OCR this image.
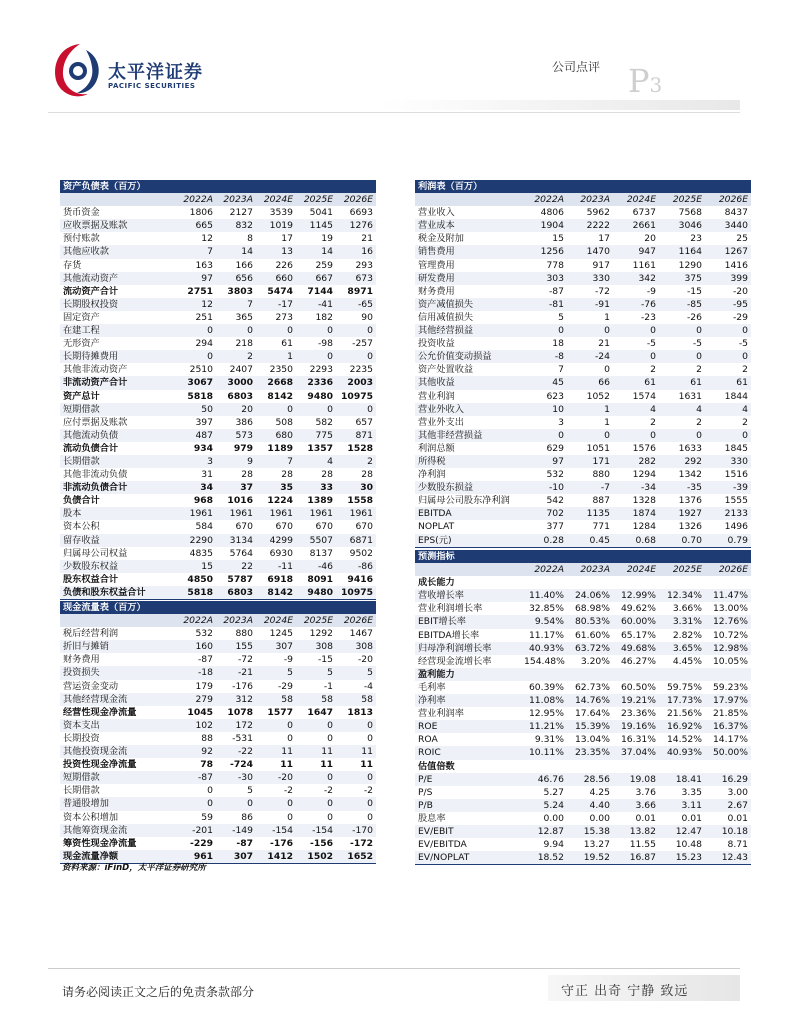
太平洋证券
PACIFIC SECURITIES
公司点评 P3
资产负债表（百万）					
	2022A	2023A	2024E	2025E	2026E
货币资金	1806	2127	3539	5041	6693
应收票据及账款	665	832	1019	1145	1276
预付账款	12	8	17	19	21
其他应收款	7	14	13	14	16
存货	163	166	226	259	293
其他流动资产	97	656	660	667	673
流动资产合计	2751	3803	5474	7144	8971
长期股权投资	12	7	-17	-41	-65
固定资产	251	365	273	182	90
在建工程	0	0	0	0	0
无形资产	294	218	61	-98	-257
长期待摊费用	0	2	1	0	0
其他非流动资产	2510	2407	2350	2293	2235
非流动资产合计	3067	3000	2668	2336	2003
资产总计	5818	6803	8142	9480	10975
短期借款	50	20	0	0	0
应付票据及账款	397	386	508	582	657
其他流动负债	487	573	680	775	871
流动负债合计	934	979	1189	1357	1528
长期借款	3	9	7	4	2
其他非流动负债	31	28	28	28	28
非流动负债合计	34	37	35	33	30
负债合计	968	1016	1224	1389	1558
股本	1961	1961	1961	1961	1961
资本公积	584	670	670	670	670
留存收益	2290	3134	4299	5507	6871
归属母公司权益	4835	5764	6930	8137	9502
少数股东权益	15	22	-11	-46	-86
股东权益合计	4850	5787	6918	8091	9416
负债和股东权益合计	5818	6803	8142	9480	10975
现金流量表（百万）					
	2022A	2023A	2024E	2025E	2026E
税后经营利润	532	880	1245	1292	1467
折旧与摊销	160	155	307	308	308
财务费用	-87	-72	-9	-15	-20
投资损失	-18	-21	5	5	5
营运资金变动	179	-176	-29	-1	-4
其他经营现金流	279	312	58	58	58
经营性现金净流量	1045	1078	1577	1647	1813
资本支出	102	172	0	0	0
长期投资	88	-531	0	0	0
其他投资现金流	92	-22	11	11	11
投资性现金净流量	78	-724	11	11	11
短期借款	-87	-30	-20	0	0
长期借款	0	5	-2	-2	-2
普通股增加	0	0	0	0	0
资本公积增加	59	86	0	0	0
其他筹资现金流	-201	-149	-154	-154	-170
筹资性现金净流量	-229	-87	-176	-156	-172
现金流量净额	961	307	1412	1502	1652
利润表（百万）					
	2022A	2023A	2024E	2025E	2026E
营业收入	4806	5962	6737	7568	8437
营业成本	1904	2222	2661	3046	3440
税金及附加	15	17	20	23	25
销售费用	1256	1470	947	1164	1267
管理费用	778	917	1161	1290	1416
研发费用	303	330	342	375	399
财务费用	-87	-72	-9	-15	-20
资产减值损失	-81	-91	-76	-85	-95
信用减值损失	5	1	-23	-26	-29
其他经营损益	0	0	0	0	0
投资收益	18	21	-5	-5	-5
公允价值变动损益	-8	-24	0	0	0
资产处置收益	7	0	2	2	2
其他收益	45	66	61	61	61
营业利润	623	1052	1574	1631	1844
营业外收入	10	1	4	4	4
营业外支出	3	1	2	2	2
其他非经营损益	0	0	0	0	0
利润总额	629	1051	1576	1633	1845
所得税	97	171	282	292	330
净利润	532	880	1294	1342	1516
少数股东损益	-10	-7	-34	-35	-39
归属母公司股东净利润	542	887	1328	1376	1555
EBITDA	702	1135	1874	1927	2133
NOPLAT	377	771	1284	1326	1496
EPS(元)	0.28	0.45	0.68	0.70	0.79
预测指标					
	2022A	2023A	2024E	2025E	2026E
成长能力					
营收增长率	11.40%	24.06%	12.99%	12.34%	11.47%
营业利润增长率	32.85%	68.98%	49.62%	3.66%	13.00%
EBIT增长率	9.54%	80.53%	60.00%	3.31%	12.76%
EBITDA增长率	11.17%	61.60%	65.17%	2.82%	10.72%
归母净利润增长率	40.93%	63.72%	49.68%	3.65%	12.98%
经营现金流增长率	154.48%	3.20%	46.27%	4.45%	10.05%
盈利能力					
毛利率	60.39%	62.73%	60.50%	59.75%	59.23%
净利率	11.08%	14.76%	19.21%	17.73%	17.97%
营业利润率	12.95%	17.64%	23.36%	21.56%	21.85%
ROE	11.21%	15.39%	19.16%	16.92%	16.37%
ROA	9.31%	13.04%	16.31%	14.52%	14.17%
ROIC	10.11%	23.35%	37.04%	40.93%	50.00%
估值倍数					
P/E	46.76	28.56	19.08	18.41	16.29
P/S	5.27	4.25	3.76	3.35	3.00
P/B	5.24	4.40	3.66	3.11	2.67
股息率	0.00	0.00	0.01	0.01	0.01
EV/EBIT	12.87	15.38	13.82	12.47	10.18
EV/EBITDA	9.94	13.27	11.55	10.48	8.71
EV/NOPLAT	18.52	19.52	16.87	15.23	12.43
资料来源：iFinD，太平洋证券研究所
请务必阅读正文之后的免责条款部分	守正 出奇 宁静 致远
